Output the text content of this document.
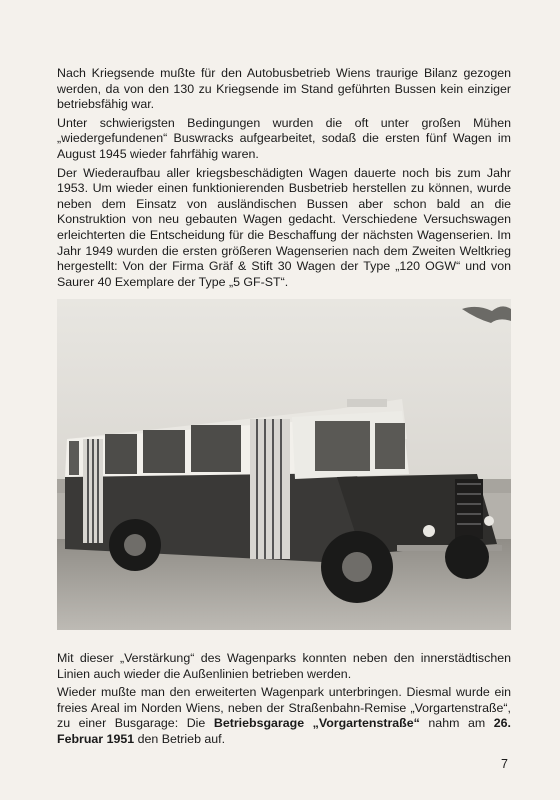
Nach Kriegsende mußte für den Autobusbetrieb Wiens traurige Bilanz gezogen werden, da von den 130 zu Kriegsende im Stand geführten Bussen kein einziger betriebsfähig war.

Unter schwierigsten Bedingungen wurden die oft unter großen Mühen „wiedergefundenen“ Buswracks aufgearbeitet, sodaß die ersten fünf Wagen im August 1945 wieder fahrfähig waren.

Der Wiederaufbau aller kriegsbeschädigten Wagen dauerte noch bis zum Jahr 1953. Um wieder einen funktionierenden Busbetrieb herstellen zu können, wurde neben dem Einsatz von ausländischen Bussen aber schon bald an die Konstruktion von neu gebauten Wagen gedacht. Verschiedene Versuchswagen erleichterten die Entscheidung für die Beschaffung der nächsten Wagenserien. Im Jahr 1949 wurden die ersten größeren Wagenserien nach dem Zweiten Weltkrieg hergestellt: Von der Firma Gräf & Stift 30 Wagen der Type „120 OGW“ und von Saurer 40 Exemplare der Type „5 GF-ST“.

Mit dieser „Verstärkung“ des Wagenparks konnten neben den innerstädtischen Linien auch wieder die Außenlinien betrieben werden.

Wieder mußte man den erweiterten Wagenpark unterbringen. Diesmal wurde ein freies Areal im Norden Wiens, neben der Straßenbahn-Remise „Vorgartenstraße“, zu einer Busgarage: Die Betriebsgarage „Vorgartenstraße“ nahm am 26. Februar 1951 den Betrieb auf.

7
